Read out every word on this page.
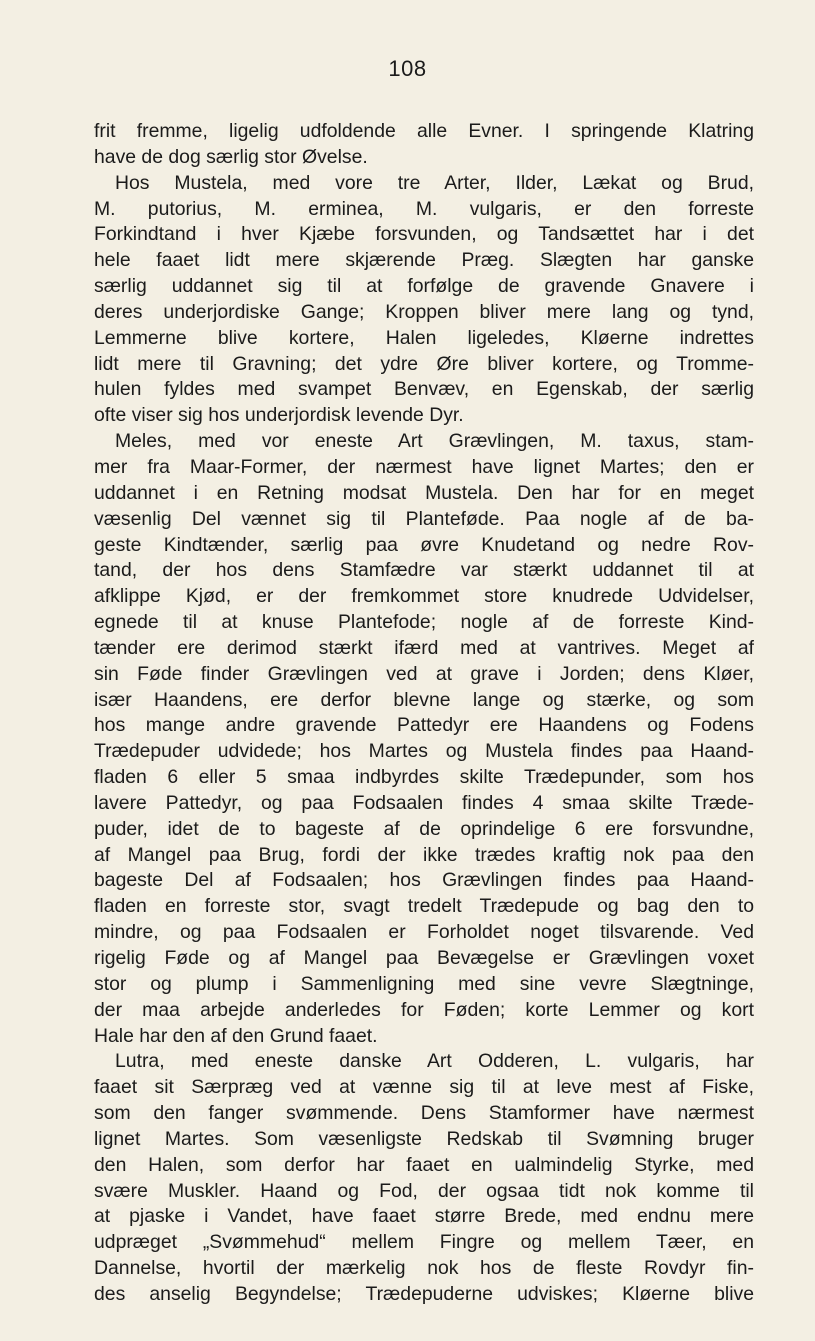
108
frit fremme, ligelig udfoldende alle Evner. I springende Klatring
have de dog særlig stor Øvelse.
Hos Mustela, med vore tre Arter, Ilder, Lækat og Brud,
M. putorius, M. erminea, M. vulgaris, er den forreste
Forkindtand i hver Kjæbe forsvunden, og Tandsættet har i det
hele faaet lidt mere skjærende Præg. Slægten har ganske
særlig uddannet sig til at forfølge de gravende Gnavere i
deres underjordiske Gange; Kroppen bliver mere lang og tynd,
Lemmerne blive kortere, Halen ligeledes, Kløerne indrettes
lidt mere til Gravning; det ydre Øre bliver kortere, og Tromme-
hulen fyldes med svampet Benvæv, en Egenskab, der særlig
ofte viser sig hos underjordisk levende Dyr.
Meles, med vor eneste Art Grævlingen, M. taxus, stam-
mer fra Maar-Former, der nærmest have lignet Martes; den er
uddannet i en Retning modsat Mustela. Den har for en meget
væsenlig Del vænnet sig til Planteføde. Paa nogle af de ba-
geste Kindtænder, særlig paa øvre Knudetand og nedre Rov-
tand, der hos dens Stamfædre var stærkt uddannet til at
afklippe Kjød, er der fremkommet store knudrede Udvidelser,
egnede til at knuse Plantefode; nogle af de forreste Kind-
tænder ere derimod stærkt ifærd med at vantrives. Meget af
sin Føde finder Grævlingen ved at grave i Jorden; dens Kløer,
især Haandens, ere derfor blevne lange og stærke, og som
hos mange andre gravende Pattedyr ere Haandens og Fodens
Trædepuder udvidede; hos Martes og Mustela findes paa Haand-
fladen 6 eller 5 smaa indbyrdes skilte Trædepunder, som hos
lavere Pattedyr, og paa Fodsaalen findes 4 smaa skilte Træde-
puder, idet de to bageste af de oprindelige 6 ere forsvundne,
af Mangel paa Brug, fordi der ikke trædes kraftig nok paa den
bageste Del af Fodsaalen; hos Grævlingen findes paa Haand-
fladen en forreste stor, svagt tredelt Trædepude og bag den to
mindre, og paa Fodsaalen er Forholdet noget tilsvarende. Ved
rigelig Føde og af Mangel paa Bevægelse er Grævlingen voxet
stor og plump i Sammenligning med sine vevre Slægtninge,
der maa arbejde anderledes for Føden; korte Lemmer og kort
Hale har den af den Grund faaet.
Lutra, med eneste danske Art Odderen, L. vulgaris, har
faaet sit Særpræg ved at vænne sig til at leve mest af Fiske,
som den fanger svømmende. Dens Stamformer have nærmest
lignet Martes. Som væsenligste Redskab til Svømning bruger
den Halen, som derfor har faaet en ualmindelig Styrke, med
svære Muskler. Haand og Fod, der ogsaa tidt nok komme til
at pjaske i Vandet, have faaet større Brede, med endnu mere
udpræget „Svømmehud“ mellem Fingre og mellem Tæer, en
Dannelse, hvortil der mærkelig nok hos de fleste Rovdyr fin-
des anselig Begyndelse; Trædepuderne udviskes; Kløerne blive
